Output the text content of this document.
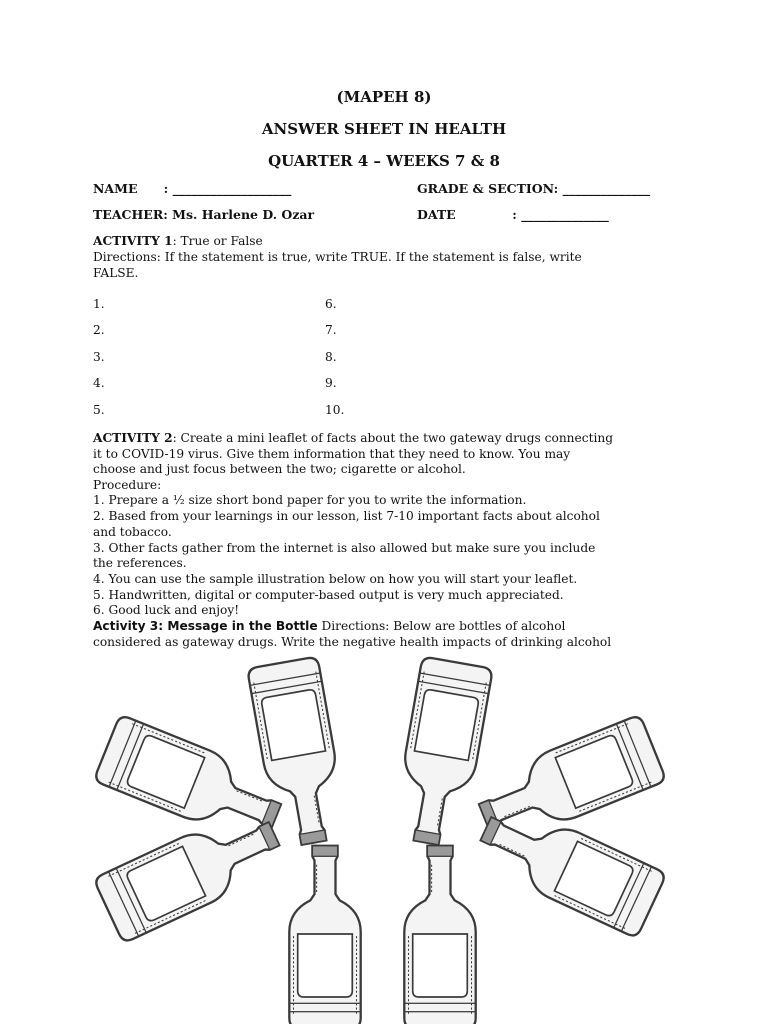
(MAPEH 8)
ANSWER SHEET IN HEALTH
QUARTER 4 – WEEKS 7 & 8
NAME      : ___________________	GRADE & SECTION: ______________
TEACHER: Ms. Harlene D. Ozar	DATE             : ______________
ACTIVITY 1: True or False
Directions: If the statement is true, write TRUE. If the statement is false, write
FALSE.
1.
2.
3.
4.
5.
6.
7.
8.
9.
10.
ACTIVITY 2: Create a mini leaflet of facts about the two gateway drugs connecting
it to COVID-19 virus. Give them information that they need to know. You may
choose and just focus between the two; cigarette or alcohol.
Procedure:
1. Prepare a ½ size short bond paper for you to write the information.
2. Based from your learnings in our lesson, list 7-10 important facts about alcohol
and tobacco.
3. Other facts gather from the internet is also allowed but make sure you include
the references.
4. You can use the sample illustration below on how you will start your leaflet.
5. Handwritten, digital or computer-based output is very much appreciated.
6. Good luck and enjoy!
Activity 3: Message in the Bottle Directions: Below are bottles of alcohol
considered as gateway drugs. Write the negative health impacts of drinking alcohol
